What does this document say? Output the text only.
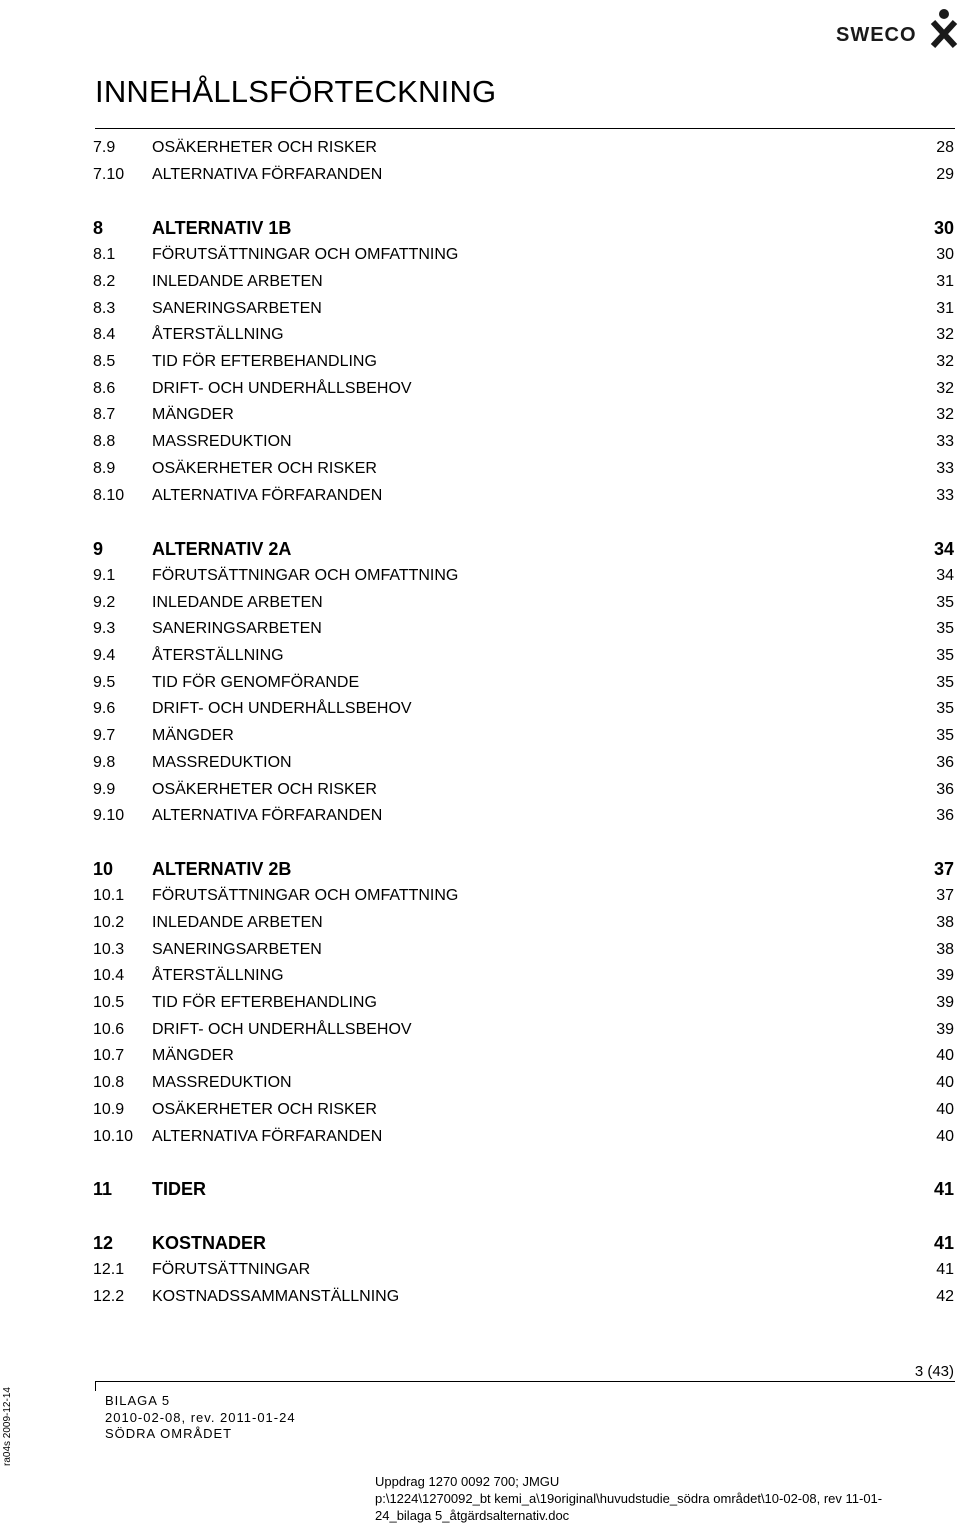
SWECO
INNEHÅLLSFÖRTECKNING
7.9 OSÄKERHETER OCH RISKER	28
7.10 ALTERNATIVA FÖRFARANDEN	29
8	ALTERNATIV 1B	30
8.1 FÖRUTSÄTTNINGAR OCH OMFATTNING	30
8.2 INLEDANDE ARBETEN	31
8.3 SANERINGSARBETEN	31
8.4 ÅTERSTÄLLNING	32
8.5 TID FÖR EFTERBEHANDLING	32
8.6 DRIFT- OCH UNDERHÅLLSBEHOV	32
8.7 MÄNGDER	32
8.8 MASSREDUKTION	33
8.9 OSÄKERHETER OCH RISKER	33
8.10 ALTERNATIVA FÖRFARANDEN	33
9	ALTERNATIV 2A	34
9.1 FÖRUTSÄTTNINGAR OCH OMFATTNING	34
9.2 INLEDANDE ARBETEN	35
9.3 SANERINGSARBETEN	35
9.4 ÅTERSTÄLLNING	35
9.5 TID FÖR GENOMFÖRANDE	35
9.6 DRIFT- OCH UNDERHÅLLSBEHOV	35
9.7 MÄNGDER	35
9.8 MASSREDUKTION	36
9.9 OSÄKERHETER OCH RISKER	36
9.10 ALTERNATIVA FÖRFARANDEN	36
10 ALTERNATIV 2B	37
10.1 FÖRUTSÄTTNINGAR OCH OMFATTNING	37
10.2 INLEDANDE ARBETEN	38
10.3 SANERINGSARBETEN	38
10.4 ÅTERSTÄLLNING	39
10.5 TID FÖR EFTERBEHANDLING	39
10.6 DRIFT- OCH UNDERHÅLLSBEHOV	39
10.7 MÄNGDER	40
10.8 MASSREDUKTION	40
10.9 OSÄKERHETER OCH RISKER	40
10.10 ALTERNATIVA FÖRFARANDEN	40
11 TIDER	41
12 KOSTNADER	41
12.1 FÖRUTSÄTTNINGAR	41
12.2 KOSTNADSSAMMANSTÄLLNING	42
3 (43)
BILAGA 5
2010-02-08, rev. 2011-01-24
SÖDRA OMRÅDET
ra04s 2009-12-14
Uppdrag 1270 0092 700; JMGU
p:\1224\1270092_bt kemi_a\19original\huvudstudie_södra området\10-02-08, rev 11-01-
24_bilaga 5_åtgärdsalternativ.doc
